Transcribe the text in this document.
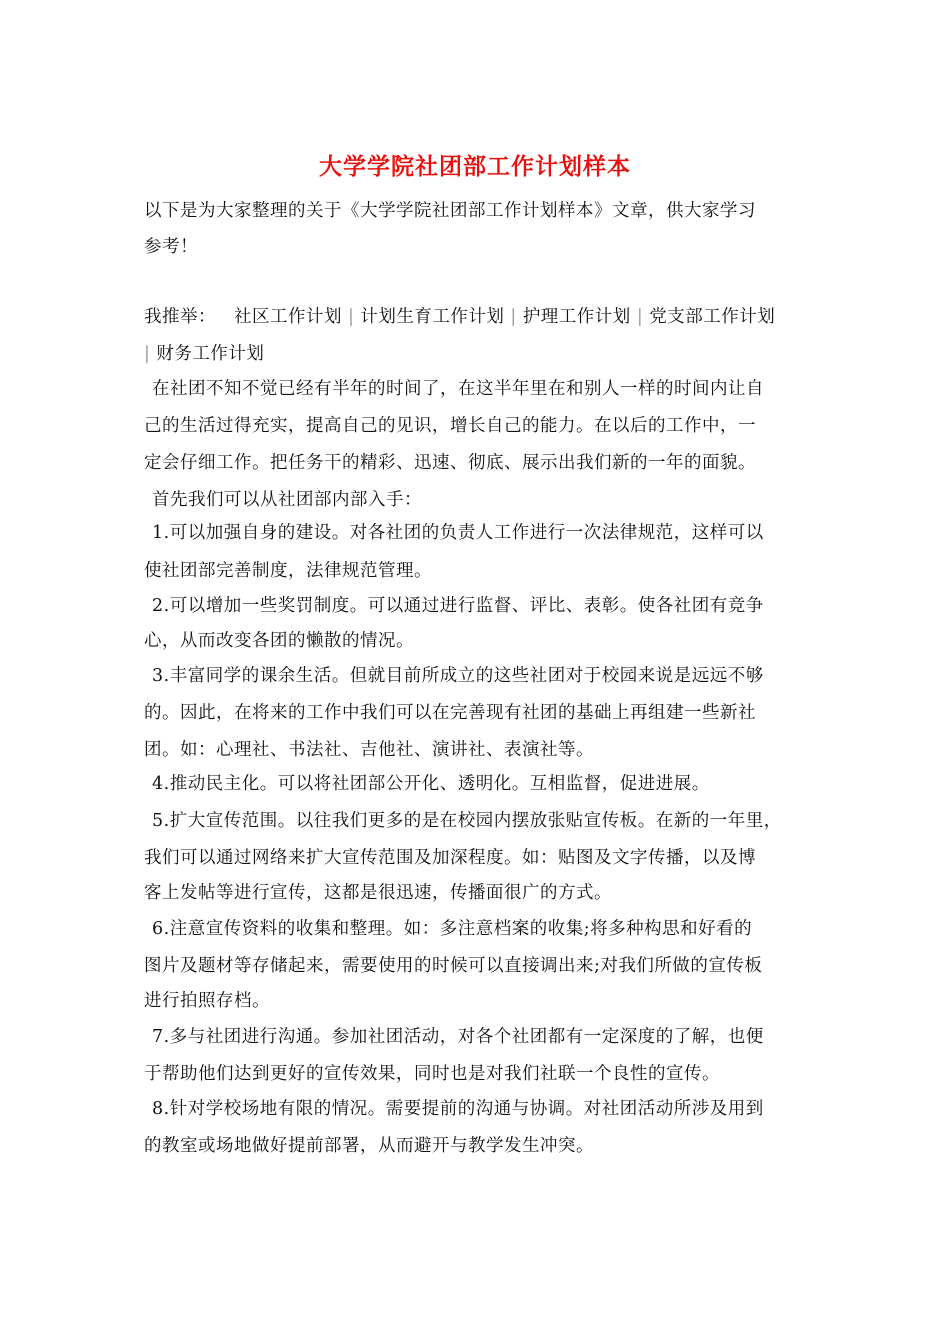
大学学院社团部工作计划样本
以下是为大家整理的关于《大学学院社团部工作计划样本》文章，供大家学习
参考！
我推举： 社区工作计划 | 计划生育工作计划 | 护理工作计划 | 党支部工作计划
| 财务工作计划
在社团不知不觉已经有半年的时间了，在这半年里在和别人一样的时间内让自
己的生活过得充实，提高自己的见识，增长自己的能力。在以后的工作中，一
定会仔细工作。把任务干的精彩、迅速、彻底、展示出我们新的一年的面貌。
首先我们可以从社团部内部入手：
1.可以加强自身的建设。对各社团的负责人工作进行一次法律规范，这样可以
使社团部完善制度，法律规范管理。
2.可以增加一些奖罚制度。可以通过进行监督、评比、表彰。使各社团有竞争
心，从而改变各团的懒散的情况。
3.丰富同学的课余生活。但就目前所成立的这些社团对于校园来说是远远不够
的。因此，在将来的工作中我们可以在完善现有社团的基础上再组建一些新社
团。如：心理社、书法社、吉他社、演讲社、表演社等。
4.推动民主化。可以将社团部公开化、透明化。互相监督，促进进展。
5.扩大宣传范围。以往我们更多的是在校园内摆放张贴宣传板。在新的一年里，
我们可以通过网络来扩大宣传范围及加深程度。如：贴图及文字传播，以及博
客上发帖等进行宣传，这都是很迅速，传播面很广的方式。
6.注意宣传资料的收集和整理。如：多注意档案的收集;将多种构思和好看的
图片及题材等存储起来，需要使用的时候可以直接调出来;对我们所做的宣传板
进行拍照存档。
7.多与社团进行沟通。参加社团活动，对各个社团都有一定深度的了解，也便
于帮助他们达到更好的宣传效果，同时也是对我们社联一个良性的宣传。
8.针对学校场地有限的情况。需要提前的沟通与协调。对社团活动所涉及用到
的教室或场地做好提前部署，从而避开与教学发生冲突。
